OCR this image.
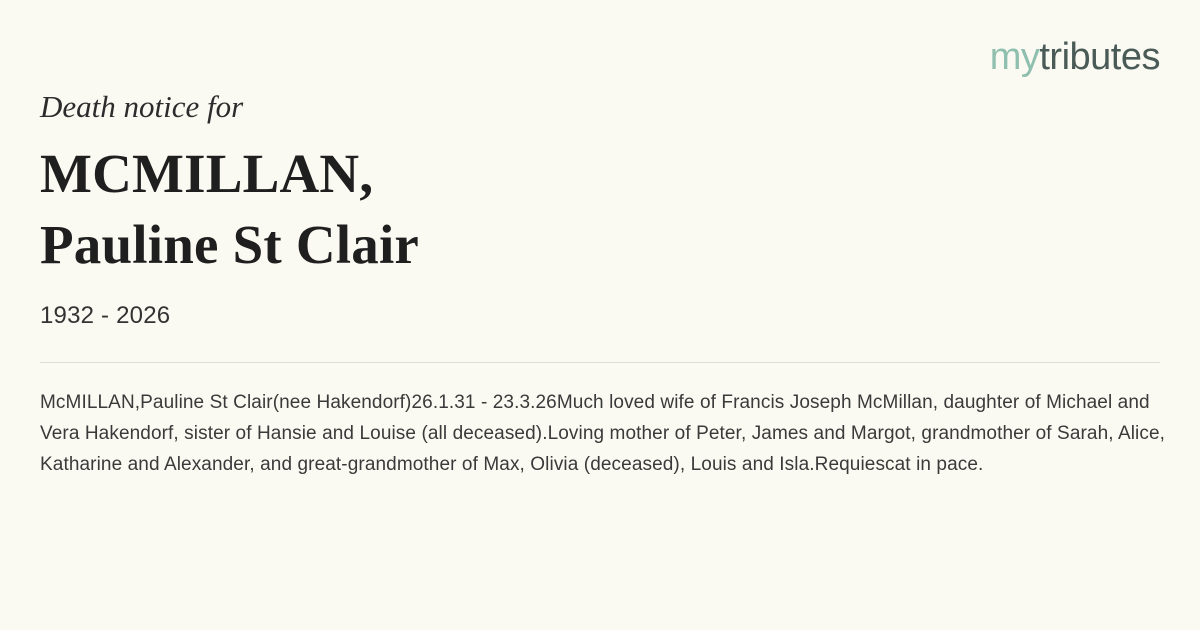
mytributes

Death notice for

MCMILLAN,
Pauline St Clair
1932 - 2026
McMILLAN,Pauline St Clair(nee Hakendorf)26.1.31 - 23.3.26Much loved wife of Francis Joseph McMillan, daughter of Michael and Vera Hakendorf, sister of Hansie and Louise (all deceased).Loving mother of Peter, James and Margot, grandmother of Sarah, Alice, Katharine and Alexander, and great-grandmother of Max, Olivia (deceased), Louis and Isla.Requiescat in pace.
